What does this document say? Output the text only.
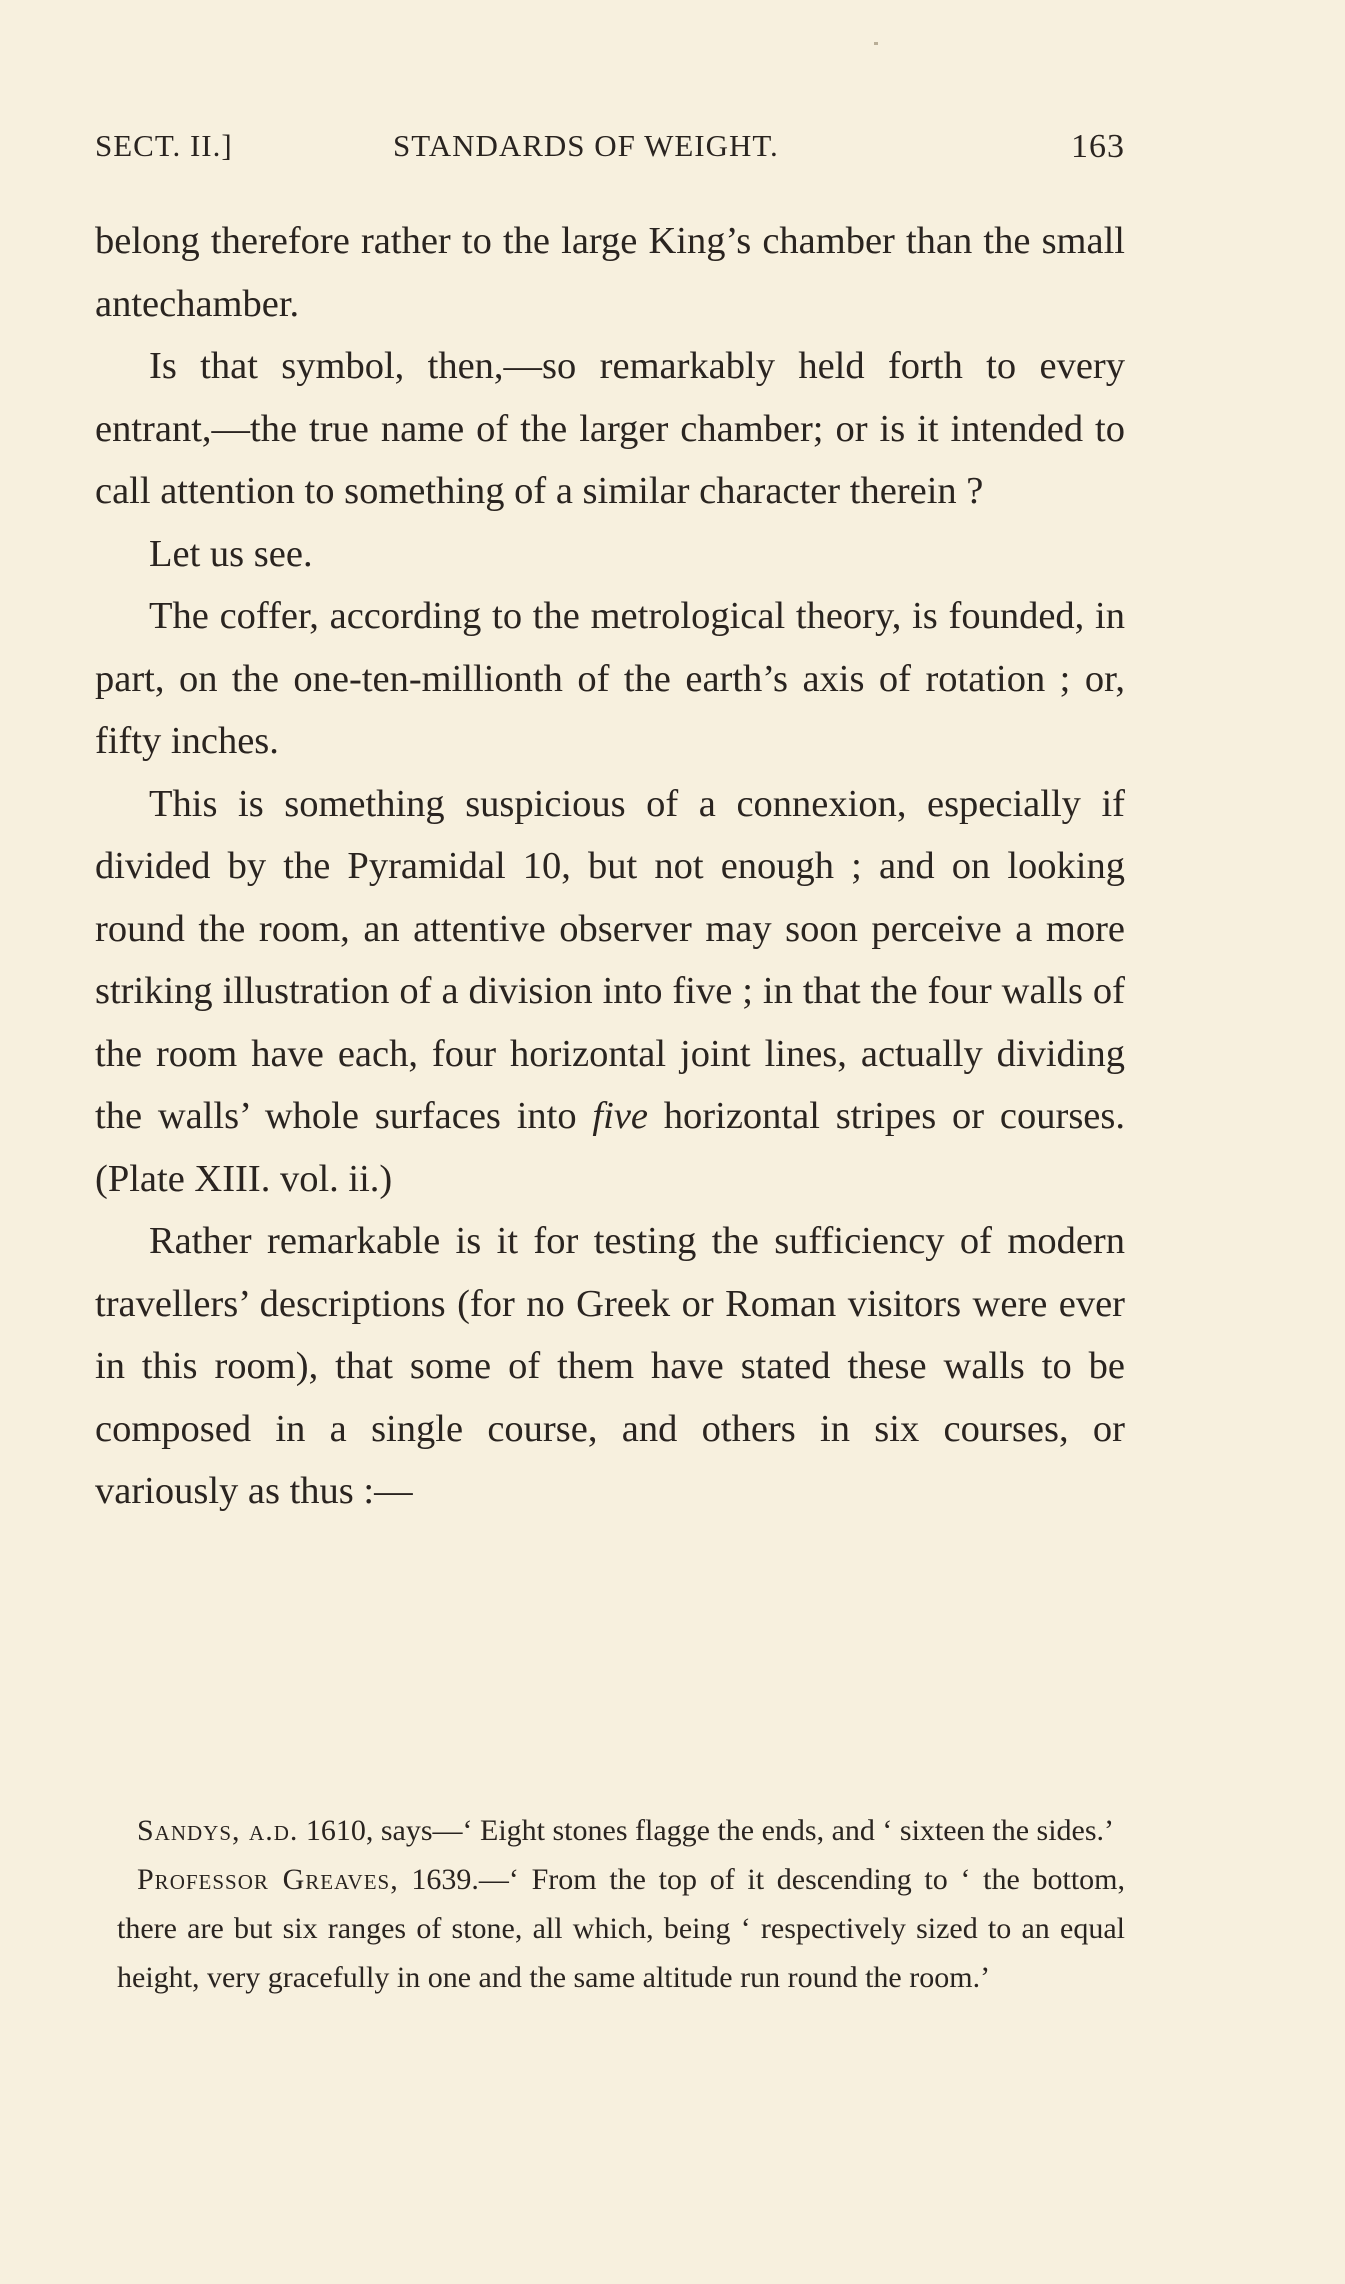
SECT. II.]	STANDARDS OF WEIGHT.	163

belong therefore rather to the large King’s chamber than the small antechamber.

Is that symbol, then,—so remarkably held forth to every entrant,—the true name of the larger chamber; or is it intended to call attention to something of a similar character therein ?

Let us see.

The coffer, according to the metrological theory, is founded, in part, on the one-ten-millionth of the earth’s axis of rotation ; or, fifty inches.

This is something suspicious of a connexion, especially if divided by the Pyramidal 10, but not enough ; and on looking round the room, an attentive observer may soon perceive a more striking illustration of a division into five ; in that the four walls of the room have each, four horizontal joint lines, actually dividing the walls’ whole surfaces into five horizontal stripes or courses. (Plate XIII. vol. ii.)

Rather remarkable is it for testing the sufficiency of modern travellers’ descriptions (for no Greek or Roman visitors were ever in this room), that some of them have stated these walls to be composed in a single course, and others in six courses, or variously as thus :—

Sandys, a.d. 1610, says—‘ Eight stones flagge the ends, and ‘ sixteen the sides.’

Professor Greaves, 1639.—‘ From the top of it descending to ‘ the bottom, there are but six ranges of stone, all which, being ‘ respectively sized to an equal height, very gracefully in one and the same altitude run round the room.’
